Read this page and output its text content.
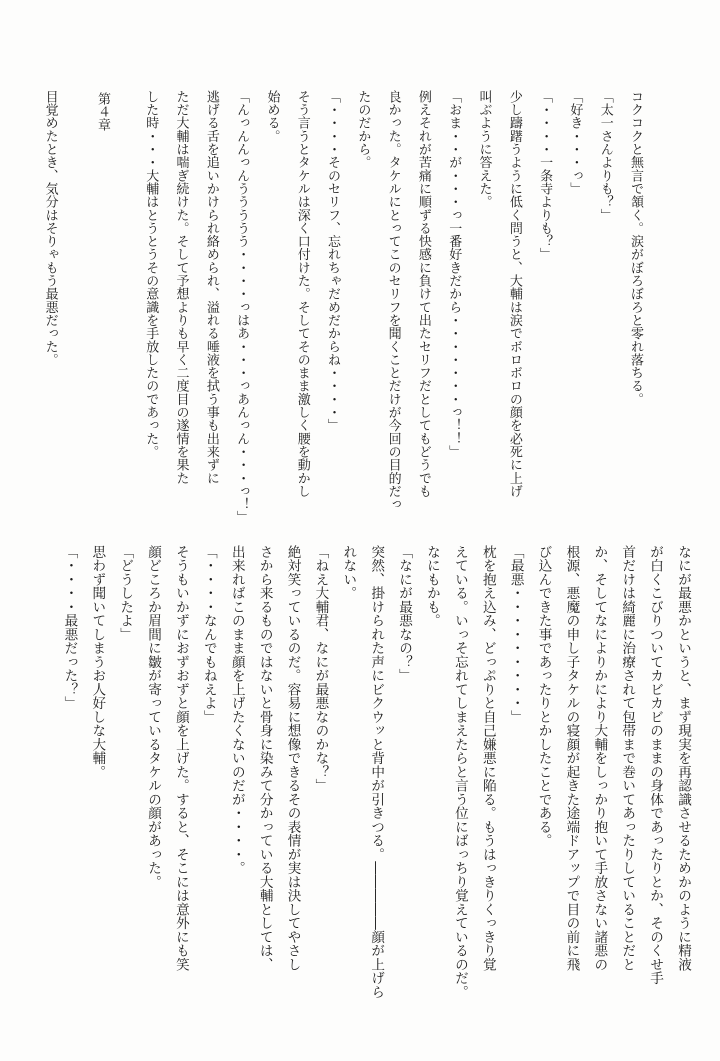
コクコクと無言で頷く。涙がぼろぼろと零れ落ちる。
「太一さんよりも？」
「好き・・・っ」
「・・・・一条寺よりも？」
少し躊躇うように低く問うと、大輔は涙でボロボロの顔を必死に上げ
叫ぶように答えた。
「おま・・が・・・っ一番好きだから・・・・・・・っ！！」
例えそれが苦痛に順ずる快感に負けて出たセリフだとしてもどうでも
良かった。タケルにとってこのセリフを聞くことだけが今回の目的だっ
たのだから。
「・・・・そのセリフ、忘れちゃだめだからね・・・・」
そう言うとタケルは深く口付けた。そしてそのまま激しく腰を動かし
始める。
「んっんんっんううううう・・・・っはあ・・・っあんっん・・・っ！」
逃げる舌を追いかけられ絡められ、溢れる唾液を拭う事も出来ずに
ただ大輔は喘ぎ続けた。そして予想よりも早く二度目の遂情を果た
した時・・・大輔はとうとうその意識を手放したのであった。
第４章
目覚めたとき、気分はそりゃもう最悪だった。
なにが最悪かというと、まず現実を再認識させるためかのように精液
が白くこびりついてカビカビのままの身体であったりとか、そのくせ手
首だけは綺麗に治療されて包帯まで巻いてあったりしていることだと
か、そしてなによりかにより大輔をしっかり抱いて手放さない諸悪の
根源、悪魔の申し子タケルの寝顔が起きた途端ドアップで目の前に飛
び込んできた事であったりとかしたことである。
「最悪・・・・・・・・・」
枕を抱え込み、どっぷりと自己嫌悪に陥る。もうはっきりくっきり覚
えている。いっそ忘れてしまえたらと言う位にばっちり覚えているのだ。
なにもかも。
「なにが最悪なの？」
突然、掛けられた声にビクウッと背中が引きつる。―――――顔が上げら
れない。
「ねえ大輔君、なにが最悪なのかな？」
絶対笑っているのだ。容易に想像できるその表情が実は決してやさし
さから来るものではないと骨身に染みて分かっている大輔としては、
出来ればこのまま顔を上げたくないのだが・・・・。
「・・・・なんでもねえよ」
そうもいかずにおずおずと顔を上げた。すると、そこには意外にも笑
顔どころか眉間に皺が寄っているタケルの顔があった。
「どうしたよ」
思わず聞いてしまうお人好しな大輔。
「・・・・最悪だった？」
